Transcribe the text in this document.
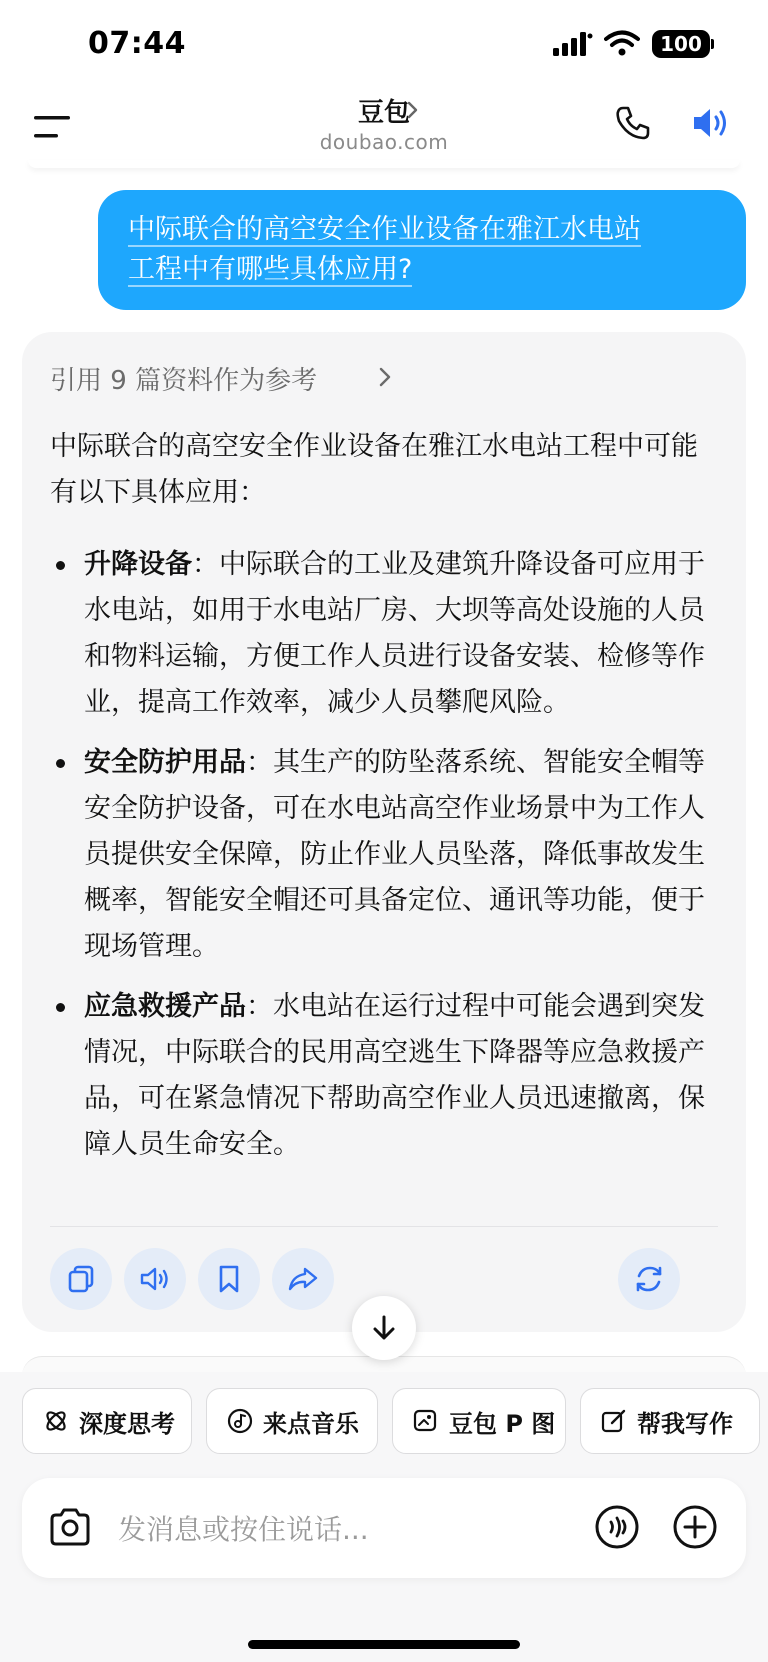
07:44	100
豆包
doubao.com
中际联合的高空安全作业设备在雅江水电站
工程中有哪些具体应用?
引用 9 篇资料作为参考
中际联合的高空安全作业设备在雅江水电站工程中可能有以下具体应用：
升降设备：中际联合的工业及建筑升降设备可应用于水电站，如用于水电站厂房、大坝等高处设施的人员和物料运输，方便工作人员进行设备安装、检修等作业，提高工作效率，减少人员攀爬风险。
安全防护用品：其生产的防坠落系统、智能安全帽等安全防护设备，可在水电站高空作业场景中为工作人员提供安全保障，防止作业人员坠落，降低事故发生概率，智能安全帽还可具备定位、通讯等功能，便于现场管理。
应急救援产品：水电站在运行过程中可能会遇到突发情况，中际联合的民用高空逃生下降器等应急救援产品，可在紧急情况下帮助高空作业人员迅速撤离，保障人员生命安全。
深度思考	来点音乐	豆包 P 图	帮我写作
发消息或按住说话...
